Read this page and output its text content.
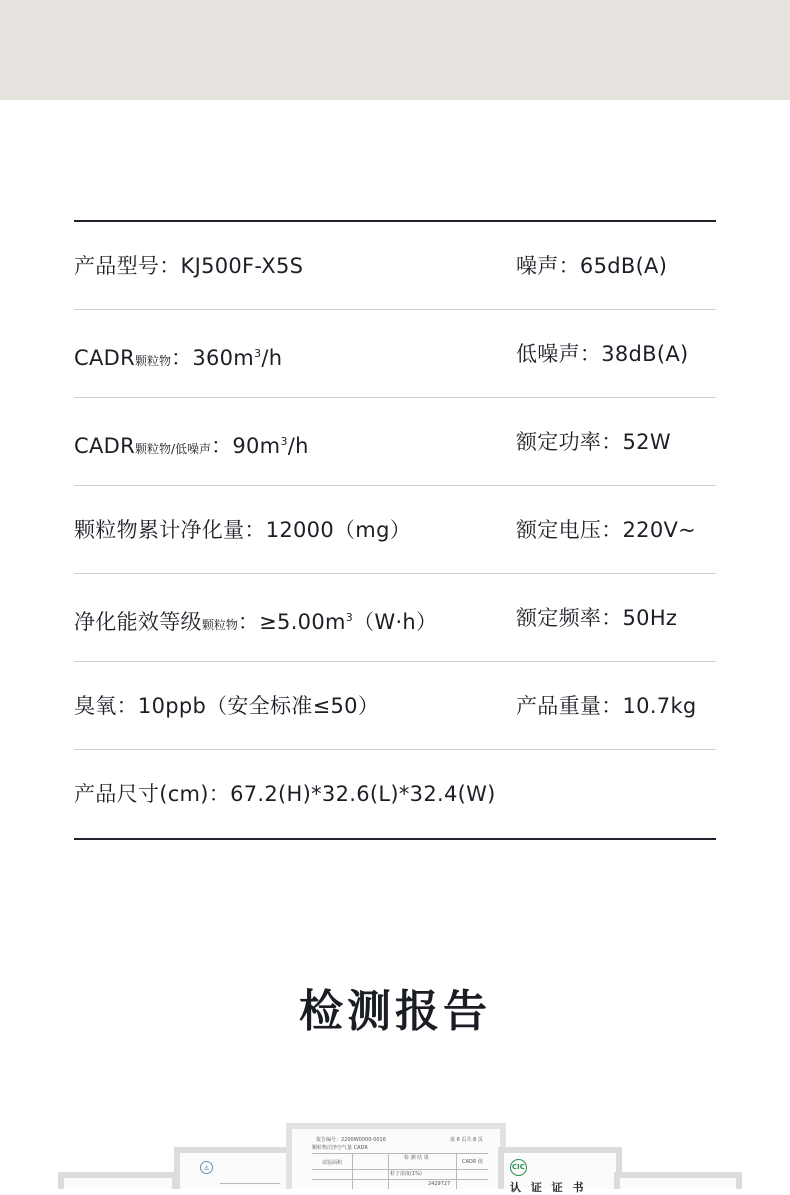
产品型号：KJ500F-X5S	噪声：65dB(A)
CADR颗粒物：$360m^3/h$	低噪声：38dB(A)
CADR颗粒物/低噪声：$90m^3/h$	额定功率：52W
颗粒物累计净化量：12000（mg）	额定电压：220V~
净化能效等级颗粒物：$\ge 5.00m^3(W\cdot h)$	额定频率：50Hz
臭氧：10ppb（安全标准≤50）	产品重量：10.7kg
产品尺寸(cm)：67.2(H)*32.6(L)*32.4(W)
检测报告
◬
报告编号：2200W0000-0016	第 6 页共 8 页
颗粒物洁净空气量 CADR
试验面积
检 测 结 果
CADR 值
粒子浓度(1%)
2429727
CIC
认 证 证 书
